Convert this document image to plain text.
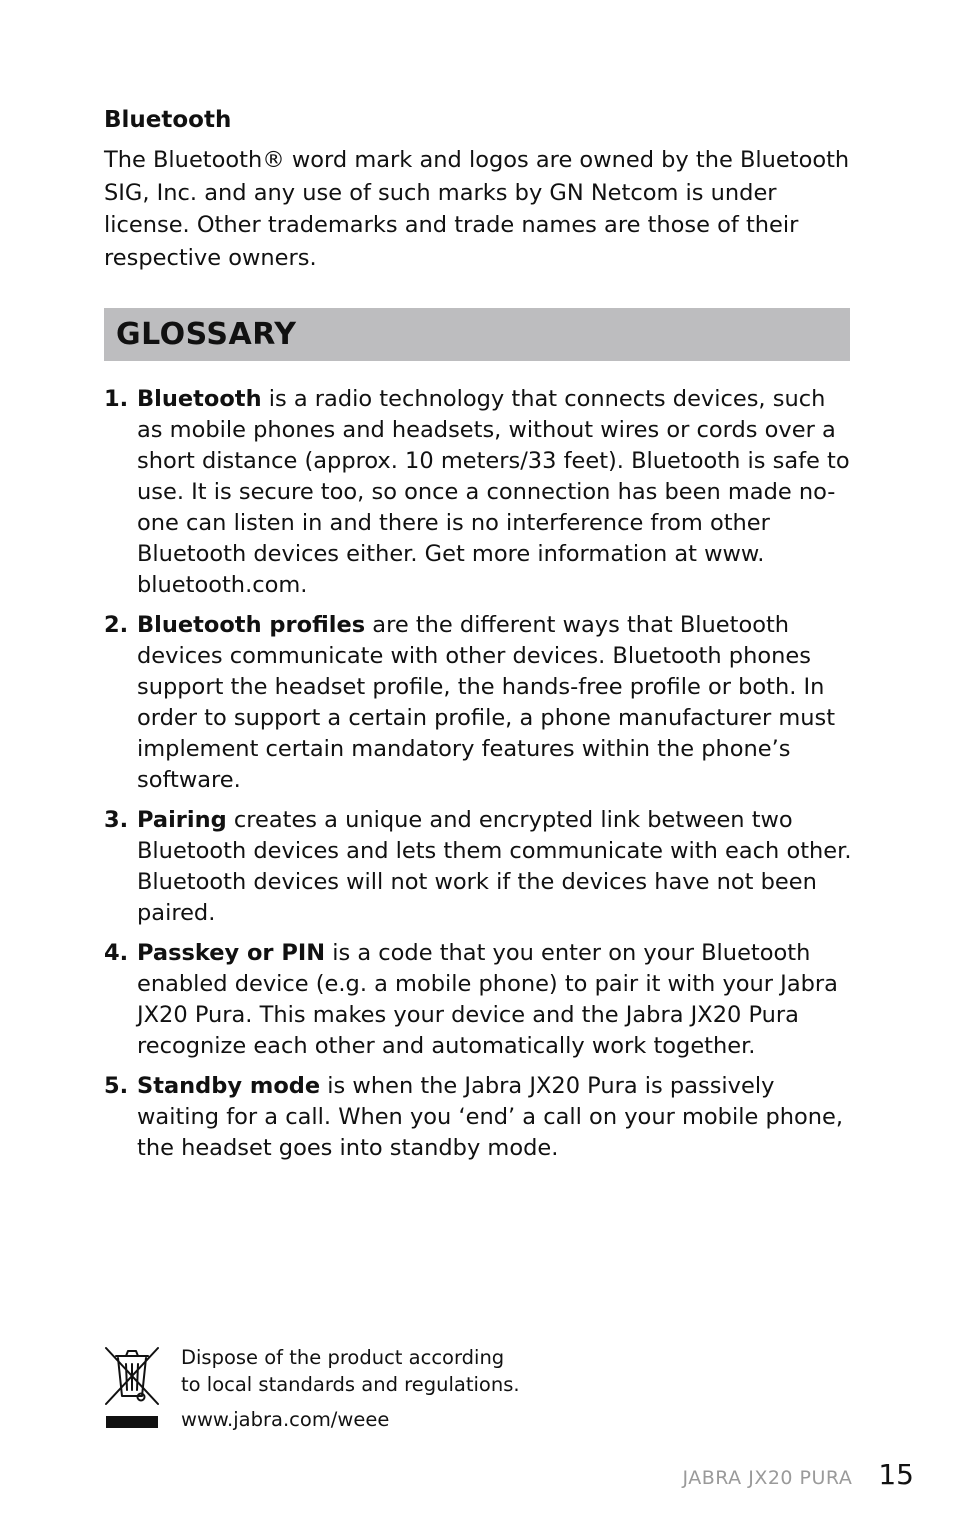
Bluetooth

The Bluetooth® word mark and logos are owned by the Bluetooth SIG, Inc. and any use of such marks by GN Netcom is under license. Other trademarks and trade names are those of their respective owners.

GLOSSARY
1. Bluetooth is a radio technology that connects devices, such as mobile phones and headsets, without wires or cords over a short distance (approx. 10 meters/33 feet). Bluetooth is safe to use. It is secure too, so once a connection has been made no-one can listen in and there is no interference from other Bluetooth devices either. Get more information at www. bluetooth.com.
2. Bluetooth profiles are the different ways that Bluetooth devices communicate with other devices. Bluetooth phones support the headset profile, the hands-free profile or both. In order to support a certain profile, a phone manufacturer must implement certain mandatory features within the phone’s software.
3. Pairing creates a unique and encrypted link between two Bluetooth devices and lets them communicate with each other. Bluetooth devices will not work if the devices have not been paired.
4. Passkey or PIN is a code that you enter on your Bluetooth enabled device (e.g. a mobile phone) to pair it with your Jabra JX20 Pura. This makes your device and the Jabra JX20 Pura recognize each other and automatically work together.
5. Standby mode is when the Jabra JX20 Pura is passively waiting for a call. When you ‘end’ a call on your mobile phone, the headset goes into standby mode.

Dispose of the product according

to local standards and regulations.

www.jabra.com/weee

JABRA JX20 PURA 15
